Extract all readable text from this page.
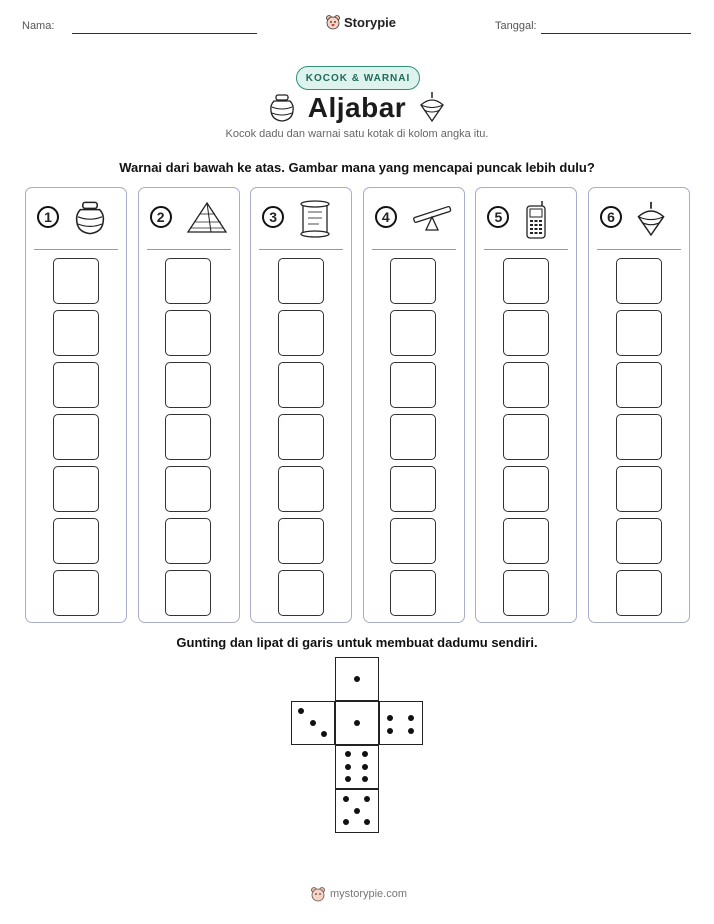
Nama:	Storypie	Tanggal:
KOCOK & WARNAI
Aljabar
Kocok dadu dan warnai satu kotak di kolom angka itu.
Warnai dari bawah ke atas. Gambar mana yang mencapai puncak lebih dulu?
1	2	3	4	5	6
Gunting dan lipat di garis untuk membuat dadumu sendiri.
mystorypie.com
